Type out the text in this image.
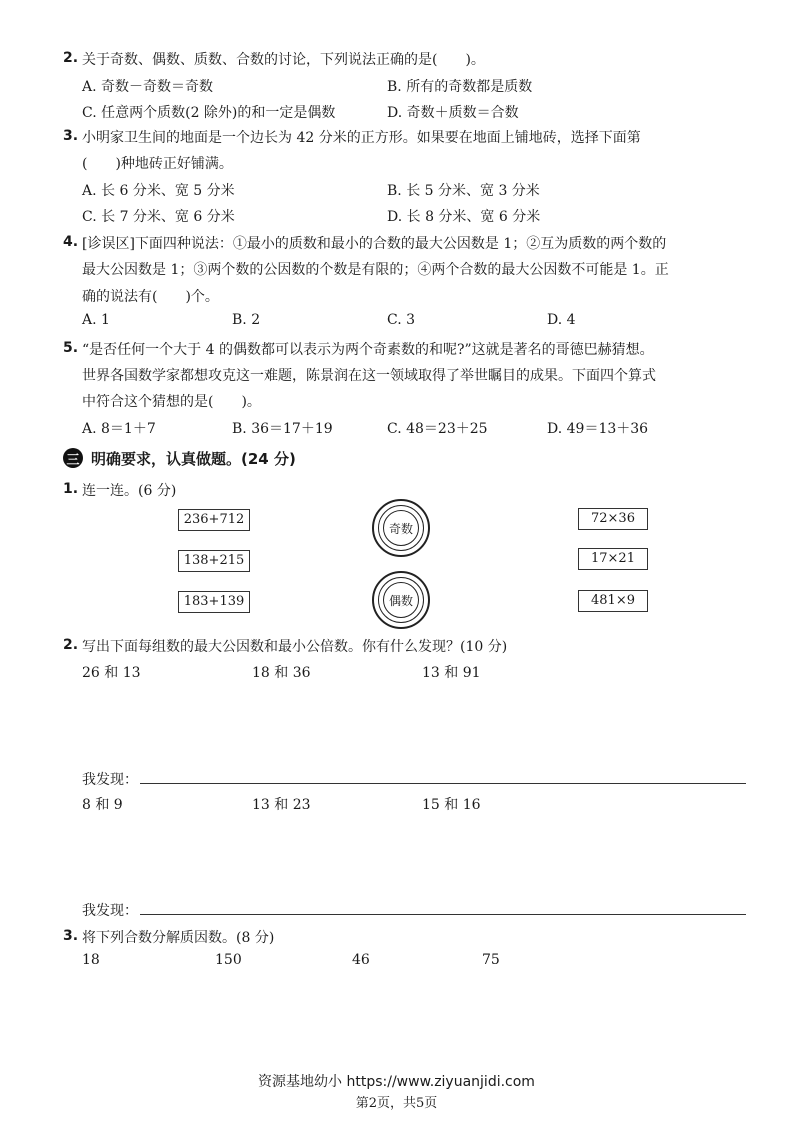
2. 关于奇数、偶数、质数、合数的讨论，下列说法正确的是(　　)。
A. 奇数－奇数＝奇数	B. 所有的奇数都是质数
C. 任意两个质数(2 除外)的和一定是偶数	D. 奇数＋质数＝合数
3. 小明家卫生间的地面是一个边长为 42 分米的正方形。如果要在地面上铺地砖，选择下面第
(　　)种地砖正好铺满。
A. 长 6 分米、宽 5 分米	B. 长 5 分米、宽 3 分米
C. 长 7 分米、宽 6 分米	D. 长 8 分米、宽 6 分米
4. [诊误区]下面四种说法：①最小的质数和最小的合数的最大公因数是 1；②互为质数的两个数的
最大公因数是 1；③两个数的公因数的个数是有限的；④两个合数的最大公因数不可能是 1。正
确的说法有(　　)个。
A. 1	B. 2	C. 3	D. 4
5. “是否任何一个大于 4 的偶数都可以表示为两个奇素数的和呢?”这就是著名的哥德巴赫猜想。
世界各国数学家都想攻克这一难题，陈景润在这一领域取得了举世瞩目的成果。下面四个算式
中符合这个猜想的是(　　)。
A. 8＝1＋7	B. 36＝17＋19	C. 48＝23＋25	D. 49＝13＋36
三 明确要求，认真做题。(24 分)
1. 连一连。(6 分)
236+712
138+215
183+139
奇数
偶数
72×36
17×21
481×9
2. 写出下面每组数的最大公因数和最小公倍数。你有什么发现？(10 分)
26 和 13	18 和 36	13 和 91
我发现：
8 和 9	13 和 23	15 和 16
我发现：
3. 将下列合数分解质因数。(8 分)
18	150	46	75
资源基地幼小 https://www.ziyuanjidi.com
第2页，共5页
